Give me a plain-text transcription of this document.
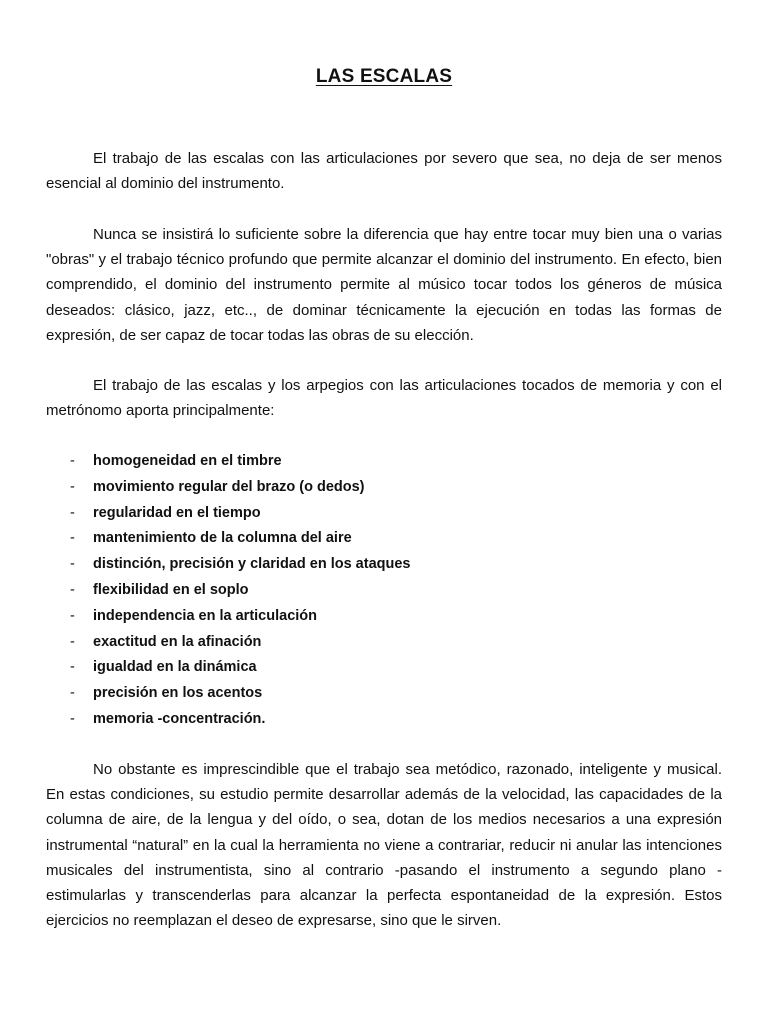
LAS ESCALAS

El trabajo de las escalas con las articulaciones por severo que sea, no deja de ser menos esencial al dominio del instrumento.

Nunca se insistirá lo suficiente sobre la diferencia que hay entre tocar muy bien una o varias "obras" y el trabajo técnico profundo que permite alcanzar el dominio del instrumento. En efecto, bien comprendido, el dominio del instrumento permite al músico tocar todos los géneros de música deseados: clásico, jazz, etc.., de dominar técnicamente la ejecución en todas las formas de expresión, de ser capaz de tocar todas las obras de su elección.

El trabajo de las escalas y los arpegios con las articulaciones tocados de memoria y con el metrónomo aporta principalmente:

- homogeneidad en el timbre
- movimiento regular del brazo (o dedos)
- regularidad en el tiempo
- mantenimiento de la columna del aire
- distinción, precisión y claridad en los ataques
- flexibilidad en el soplo
- independencia en la articulación
- exactitud en la afinación
- igualdad en la dinámica
- precisión en los acentos
- memoria -concentración.

No obstante es imprescindible que el trabajo sea metódico, razonado, inteligente y musical. En estas condiciones, su estudio permite desarrollar además de la velocidad, las capacidades de la columna de aire, de la lengua y del oído, o sea, dotan de los medios necesarios a una expresión instrumental “natural” en la cual la herramienta no viene a contrariar, reducir ni anular las intenciones musicales del instrumentista, sino al contrario -pasando el instrumento a segundo plano - estimularlas y transcenderlas para alcanzar la perfecta espontaneidad de la expresión. Estos ejercicios no reemplazan el deseo de expresarse, sino que le sirven.
